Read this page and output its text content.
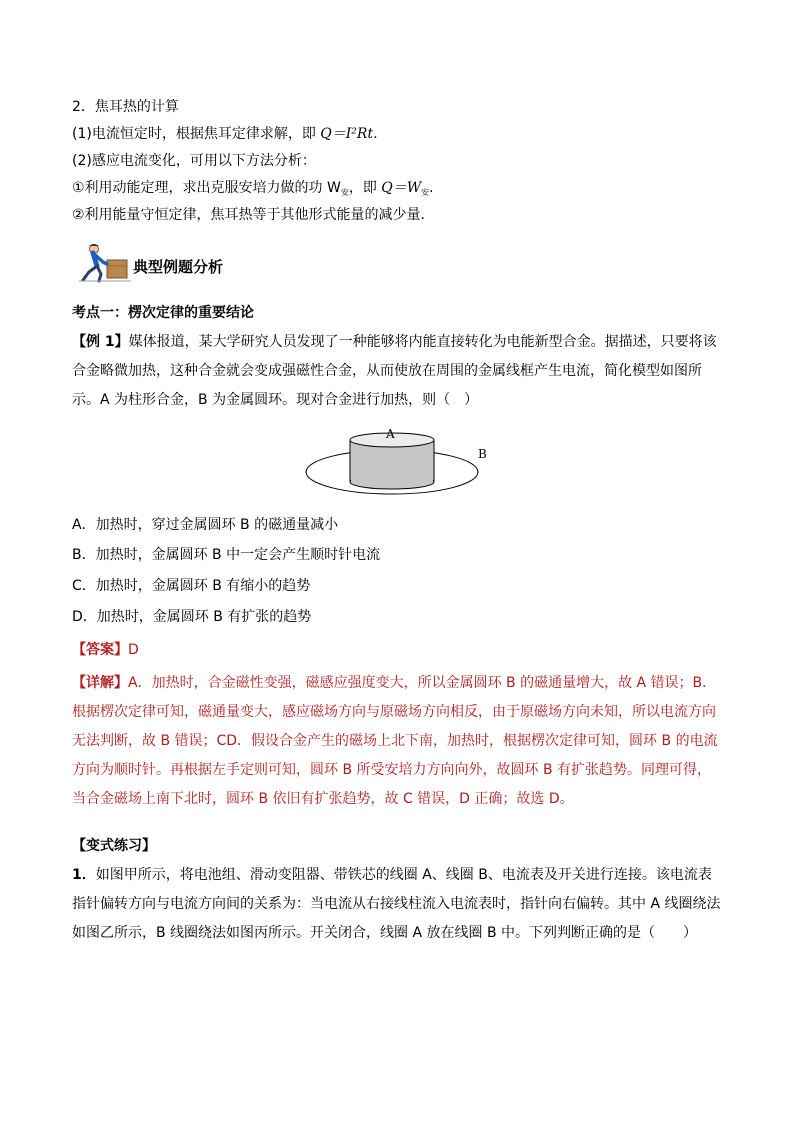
2．焦耳热的计算
(1)电流恒定时，根据焦耳定律求解，即 Q＝I²Rt.
(2)感应电流变化，可用以下方法分析：
①利用动能定理，求出克服安培力做的功 $W_安$，即 $Q=W_安$.
②利用能量守恒定律，焦耳热等于其他形式能量的减少量．
典型例题分析
考点一：楞次定律的重要结论
【例 1】媒体报道，某大学研究人员发现了一种能够将内能直接转化为电能新型合金。据描述，只要将该合金略微加热，这种合金就会变成强磁性合金，从而使放在周围的金属线框产生电流，简化模型如图所示。A 为柱形合金，B 为金属圆环。现对合金进行加热，则（　）
A
B
A．加热时，穿过金属圆环 B 的磁通量减小
B．加热时，金属圆环 B 中一定会产生顺时针电流
C．加热时，金属圆环 B 有缩小的趋势
D．加热时，金属圆环 B 有扩张的趋势
【答案】D
【详解】A．加热时，合金磁性变强，磁感应强度变大，所以金属圆环 B 的磁通量增大，故 A 错误；B．根据楞次定律可知，磁通量变大，感应磁场方向与原磁场方向相反，由于原磁场方向未知，所以电流方向无法判断，故 B 错误；CD．假设合金产生的磁场上北下南，加热时，根据楞次定律可知，圆环 B 的电流方向为顺时针。再根据左手定则可知，圆环 B 所受安培力方向向外，故圆环 B 有扩张趋势。同理可得，当合金磁场上南下北时，圆环 B 依旧有扩张趋势，故 C 错误，D 正确；故选 D。
【变式练习】
1．如图甲所示，将电池组、滑动变阻器、带铁芯的线圈 A、线圈 B、电流表及开关进行连接。该电流表指针偏转方向与电流方向间的关系为：当电流从右接线柱流入电流表时，指针向右偏转。其中 A 线圈绕法如图乙所示，B 线圈绕法如图丙所示。开关闭合，线圈 A 放在线圈 B 中。下列判断正确的是（　　）
